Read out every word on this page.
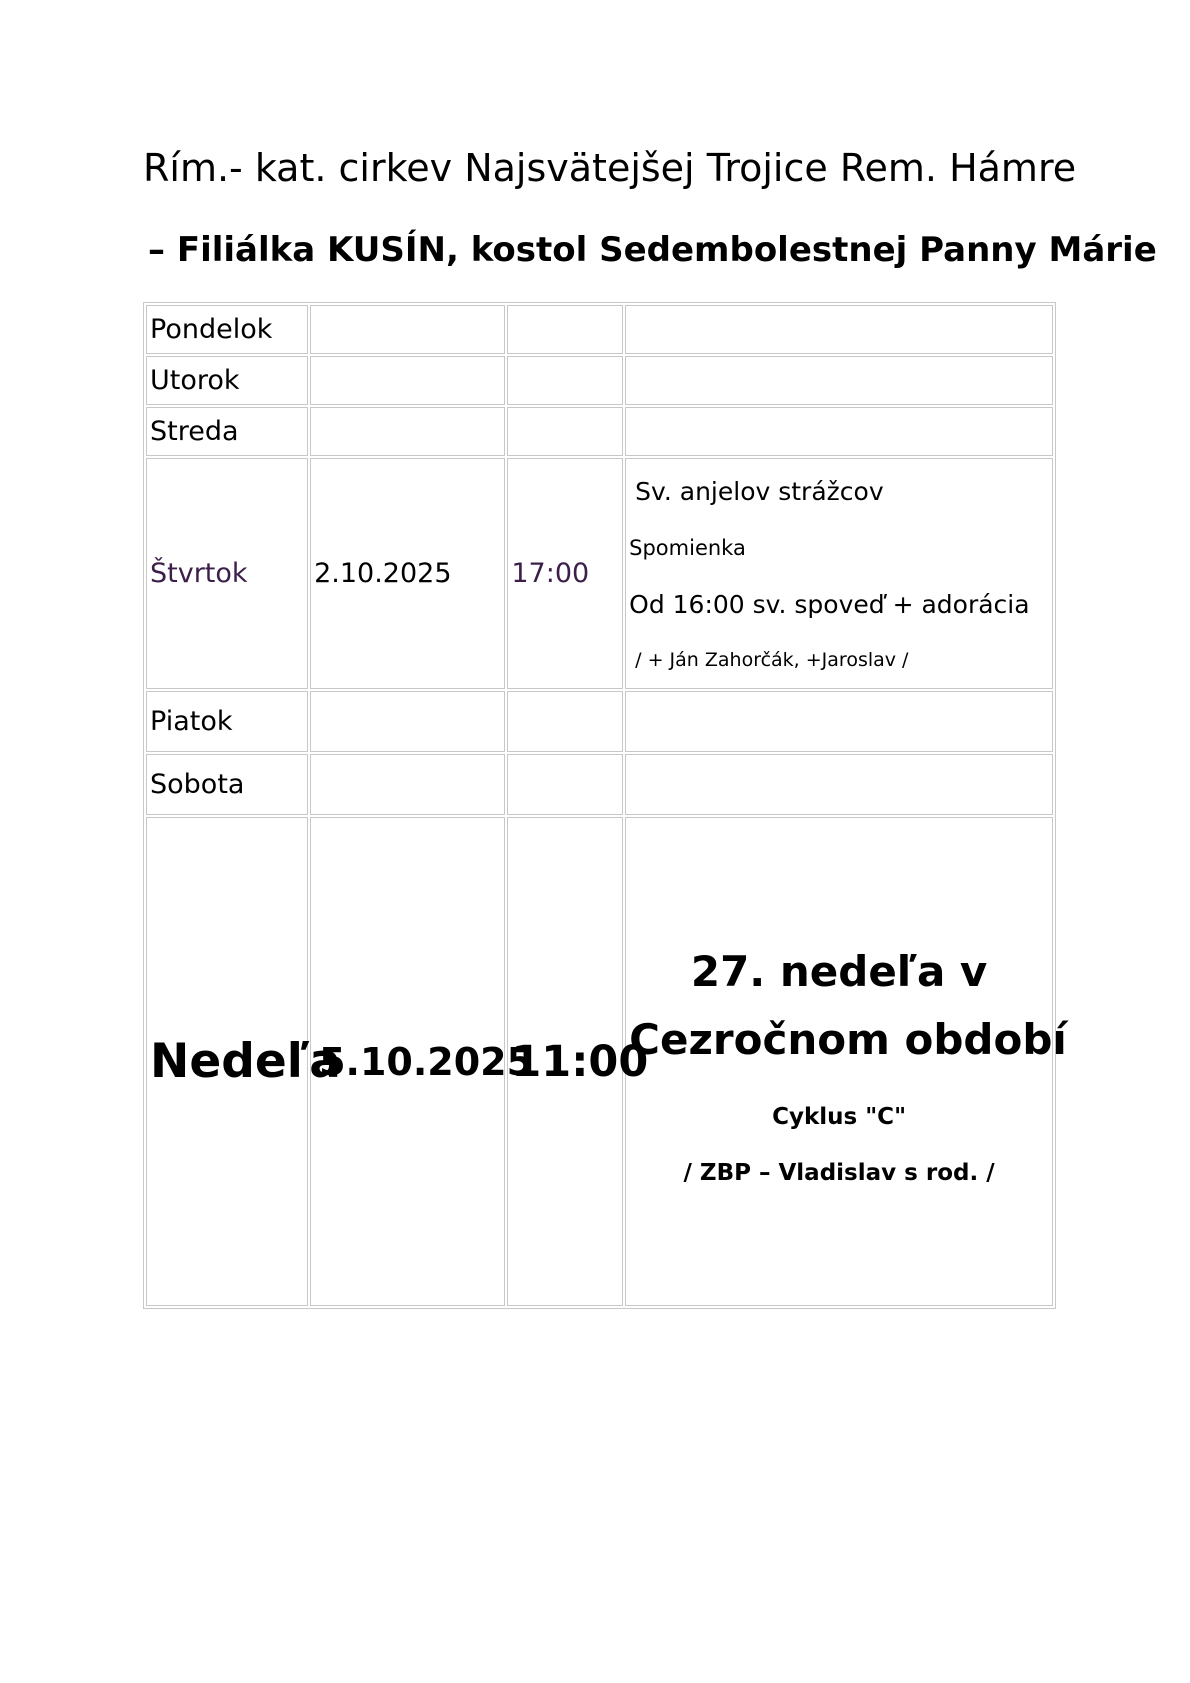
Rím.- kat. cirkev Najsvätejšej Trojice Rem. Hámre
– Filiálka KUSÍN, kostol Sedembolestnej Panny Márie
Pondelok			
Utorok			
Streda			
Štvrtok	2.10.2025	17:00	Sv. anjelov strážcov
Spomienka
Od 16:00 sv. spoveď + adorácia
/ + Ján Zahorčák, +Jaroslav /

Piatok			
Sobota			
Nedeľa	5.10.2025	11:00	27. nedeľa v
Cezročnom období
Cyklus "C"
/ ZBP – Vladislav s rod. /
